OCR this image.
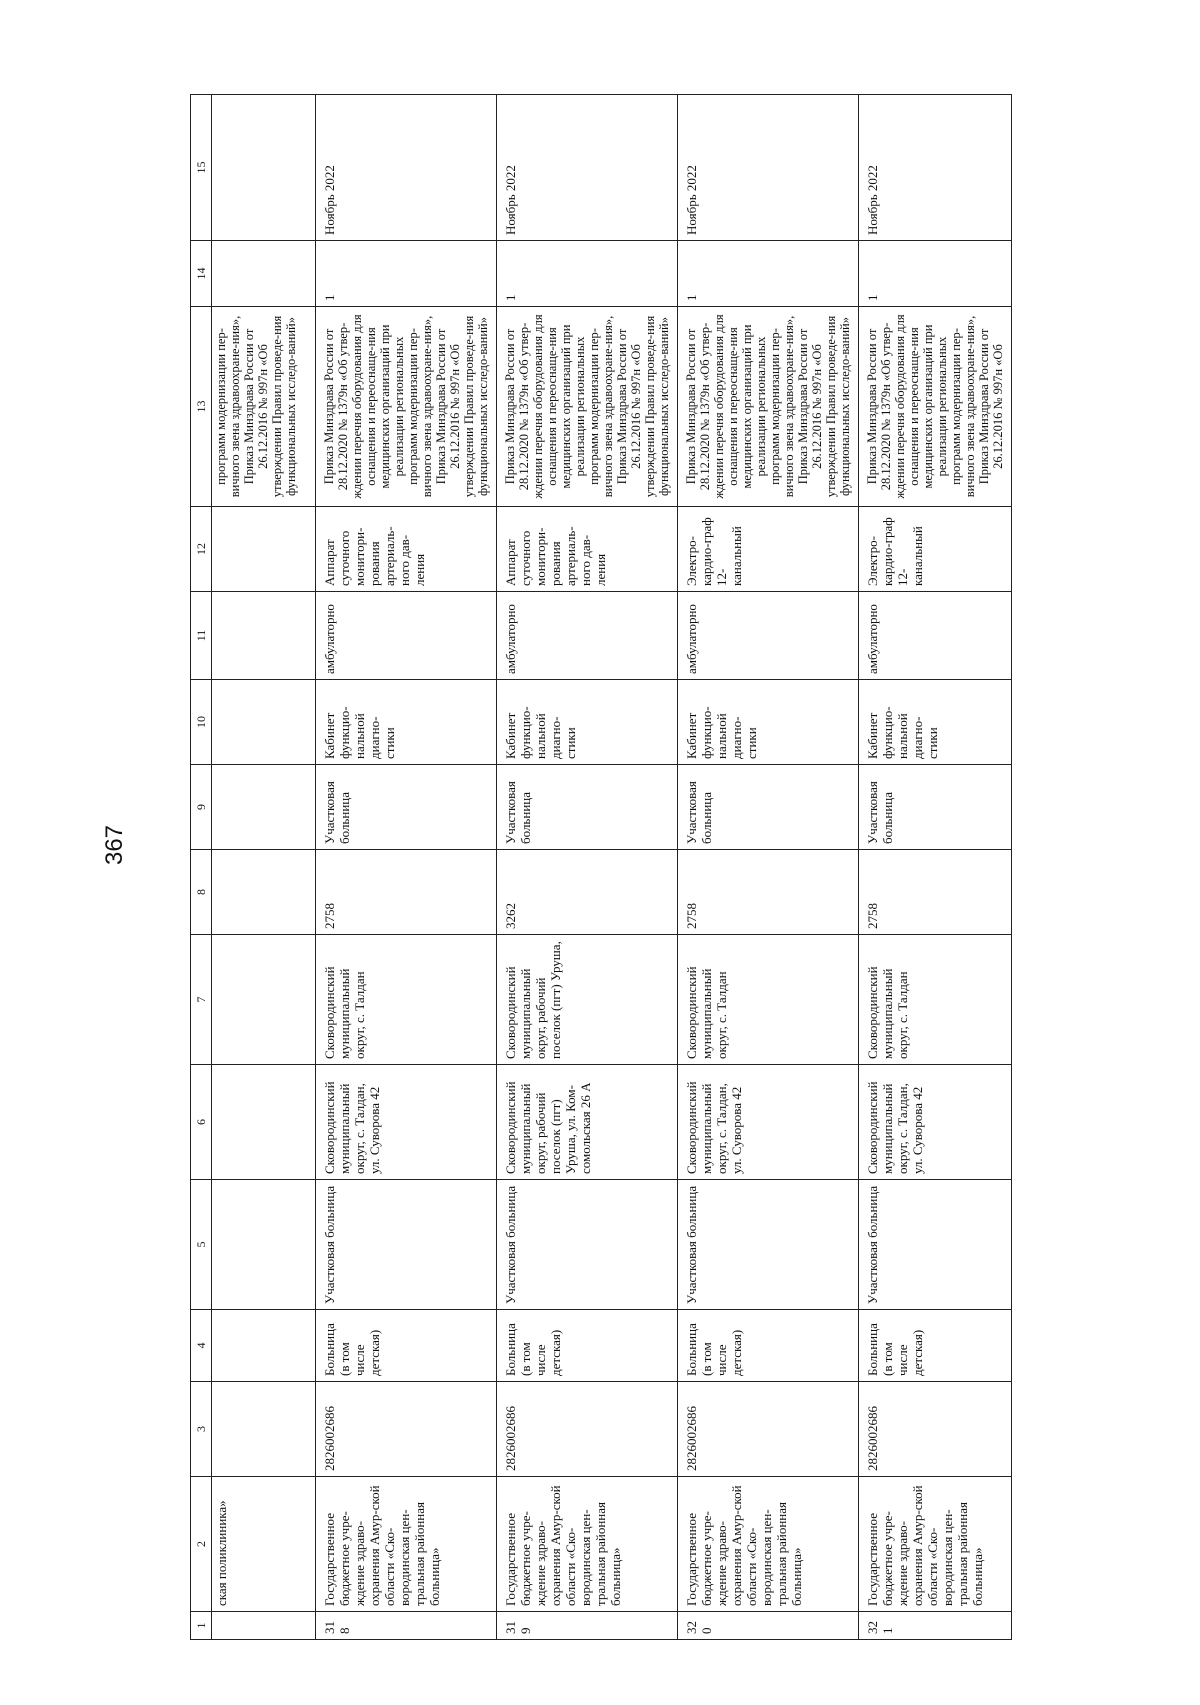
367
1	2	3	4	5	6	7	8	9	10	11	12	13	14	15
	ская поликлиника»											программ модернизации пер-вичного звена здравоохране-ния», Приказ Минздрава России от 26.12.2016 № 997н «Об утверждении Правил проведе-ния функциональных исследо-ваний»		
318	Государственное бюджетное учре-ждение здраво-охранения Амур-ской области «Ско-вородинская цен-тральная районная больница»	2826002686	Больница (в том числе детская)	Участковая больница	Сковородинский муниципальный округ, с. Талдан, ул. Суворова 42	Сковородинский муниципальный округ, с. Талдан	2758	Участковая больница	Кабинет функцио-нальной диагно-стики	амбулаторно	Аппарат суточного монитори-рования артериаль-ного дав-ления	Приказ Минздрава России от 28.12.2020 № 1379н «Об утвер-ждении перечня оборудования для оснащения и переоснаще-ния медицинских организаций при реализации региональных программ модернизации пер-вичного звена здравоохране-ния», Приказ Минздрава России от 26.12.2016 № 997н «Об утверждении Правил проведе-ния функциональных исследо-ваний»	1	Ноябрь 2022
319	Государственное бюджетное учре-ждение здраво-охранения Амур-ской области «Ско-вородинская цен-тральная районная больница»	2826002686	Больница (в том числе детская)	Участковая больница	Сковородинский муниципальный округ, рабочий поселок (пгт) Уруша, ул. Ком-сомольская 26 А	Сковородинский муниципальный округ, рабочий поселок (пгт) Уруша,	3262	Участковая больница	Кабинет функцио-нальной диагно-стики	амбулаторно	Аппарат суточного монитори-рования артериаль-ного дав-ления	Приказ Минздрава России от 28.12.2020 № 1379н «Об утвер-ждении перечня оборудования для оснащения и переоснаще-ния медицинских организаций при реализации региональных программ модернизации пер-вичного звена здравоохране-ния», Приказ Минздрава России от 26.12.2016 № 997н «Об утверждении Правил проведе-ния функциональных исследо-ваний»	1	Ноябрь 2022
320	Государственное бюджетное учре-ждение здраво-охранения Амур-ской области «Ско-вородинская цен-тральная районная больница»	2826002686	Больница (в том числе детская)	Участковая больница	Сковородинский муниципальный округ, с. Талдан, ул. Суворова 42	Сковородинский муниципальный округ, с. Талдан	2758	Участковая больница	Кабинет функцио-нальной диагно-стики	амбулаторно	Электро-кардио-граф 12-канальный	Приказ Минздрава России от 28.12.2020 № 1379н «Об утвер-ждении перечня оборудования для оснащения и переоснаще-ния медицинских организаций при реализации региональных программ модернизации пер-вичного звена здравоохране-ния», Приказ Минздрава России от 26.12.2016 № 997н «Об утверждении Правил проведе-ния функциональных исследо-ваний»	1	Ноябрь 2022
321	Государственное бюджетное учре-ждение здраво-охранения Амур-ской области «Ско-вородинская цен-тральная районная больница»	2826002686	Больница (в том числе детская)	Участковая больница	Сковородинский муниципальный округ, с. Талдан, ул. Суворова 42	Сковородинский муниципальный округ, с. Талдан	2758	Участковая больница	Кабинет функцио-нальной диагно-стики	амбулаторно	Электро-кардио-граф 12-канальный	Приказ Минздрава России от 28.12.2020 № 1379н «Об утвер-ждении перечня оборудования для оснащения и переоснаще-ния медицинских организаций при реализации региональных программ модернизации пер-вичного звена здравоохране-ния», Приказ Минздрава России от 26.12.2016 № 997н «Об	1	Ноябрь 2022
